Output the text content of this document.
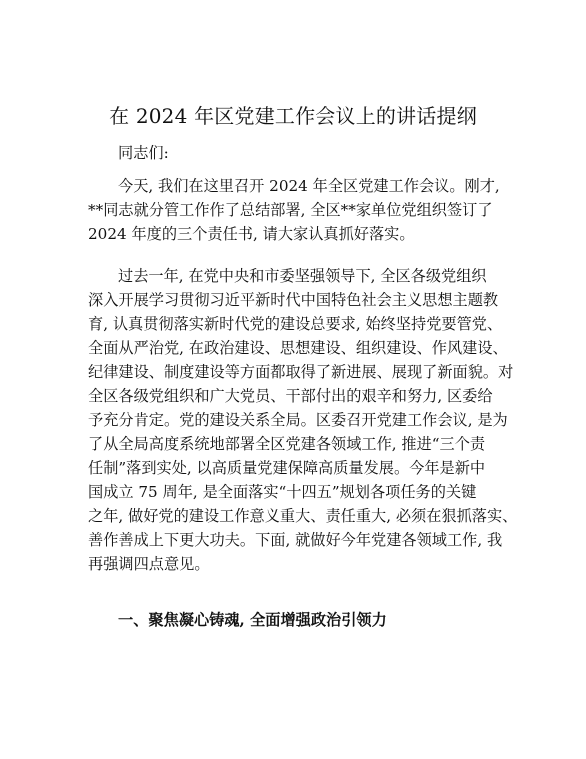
在 2024 年区党建工作会议上的讲话提纲
同志们:
今天, 我们在这里召开 2024 年全区党建工作会议。刚才,
**同志就分管工作作了总结部署, 全区**家单位党组织签订了
2024 年度的三个责任书, 请大家认真抓好落实。
过去一年, 在党中央和市委坚强领导下, 全区各级党组织
深入开展学习贯彻习近平新时代中国特色社会主义思想主题教
育, 认真贯彻落实新时代党的建设总要求, 始终坚持党要管党、
全面从严治党, 在政治建设、思想建设、组织建设、作风建设、
纪律建设、制度建设等方面都取得了新进展、展现了新面貌。对
全区各级党组织和广大党员、干部付出的艰辛和努力, 区委给
予充分肯定。党的建设关系全局。区委召开党建工作会议, 是为
了从全局高度系统地部署全区党建各领域工作, 推进“三个责
任制”落到实处, 以高质量党建保障高质量发展。今年是新中
国成立 75 周年, 是全面落实“十四五”规划各项任务的关键
之年, 做好党的建设工作意义重大、责任重大, 必须在狠抓落实、
善作善成上下更大功夫。下面, 就做好今年党建各领域工作, 我
再强调四点意见。
一、聚焦凝心铸魂, 全面增强政治引领力
